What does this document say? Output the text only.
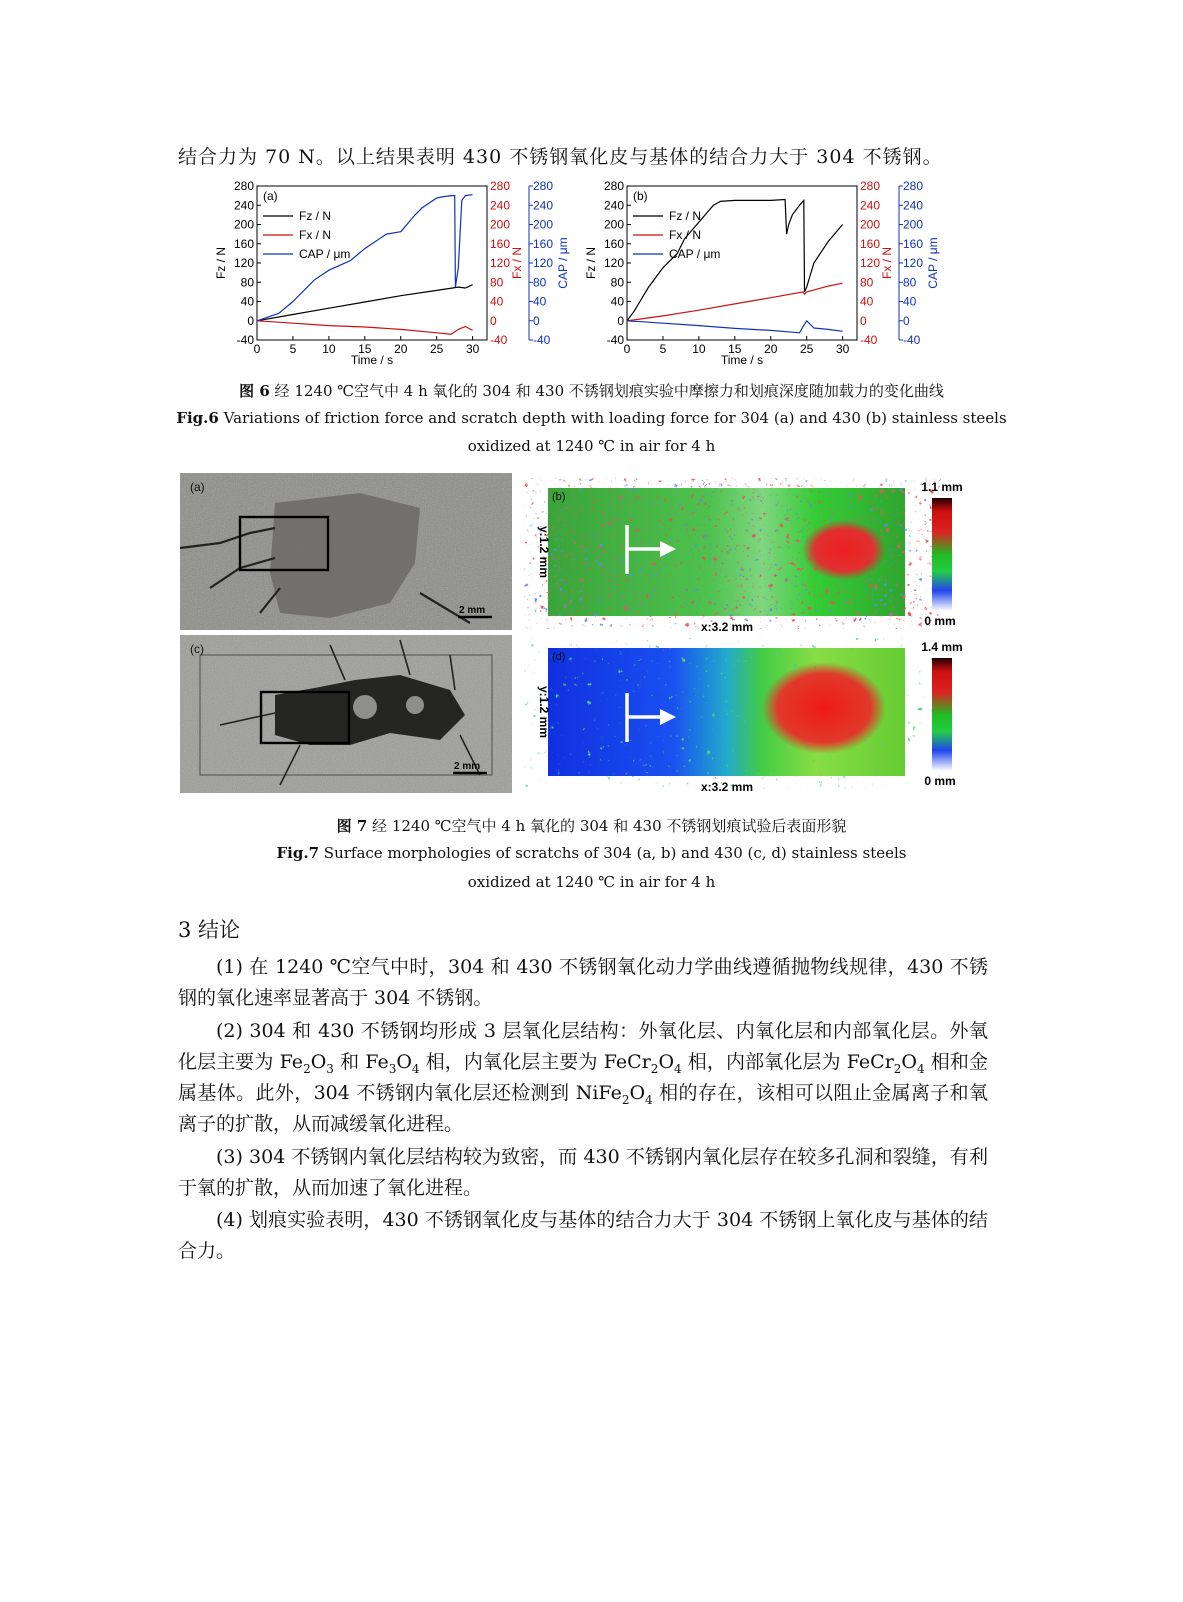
结合力为 70 N。以上结果表明 430 不锈钢氧化皮与基体的结合力大于 304 不锈钢。
-40	-40 -40
0	0	0
40	40 40
80	80 80
120	120 120
160	160 160
200	200 200
240	240 240
280	280 280
0 5 10 15 20 25 30
Time / s
Fz / N	Fx / N	CAP / μm
(a)
Fz / N
Fx / N
CAP / μm
-40	-40 -40
0	0	0
40	40 40
80	80 80
120	120 120
160	160 160
200	200 200
240	240 240
280	280 280
0 5 10 15 20 25 30
Time / s
Fz / N	Fx / N	CAP / μm
(b)
Fz / N
Fx / N
CAP / μm
图 6 经 1240 ℃空气中 4 h 氧化的 304 和 430 不锈钢划痕实验中摩擦力和划痕深度随加载力的变化曲线
Fig.6 Variations of friction force and scratch depth with loading force for 304 (a) and 430 (b) stainless steels
oxidized at 1240 ℃ in air for 4 h
(a)
2 mm
(c)
2 mm
(b)
x:3.2 mm
y:1.2 mm
1.1 mm
0 mm
(d)
x:3.2 mm
y:1.2 mm
1.4 mm
0 mm
图 7 经 1240 ℃空气中 4 h 氧化的 304 和 430 不锈钢划痕试验后表面形貌
Fig.7 Surface morphologies of scratchs of 304 (a, b) and 430 (c, d) stainless steels
oxidized at 1240 ℃ in air for 4 h
3 结论
(1) 在 1240 ℃空气中时，304 和 430 不锈钢氧化动力学曲线遵循抛物线规律，430 不锈钢的氧化速率显著高于 304 不锈钢。
(2) 304 和 430 不锈钢均形成 3 层氧化层结构：外氧化层、内氧化层和内部氧化层。外氧化层主要为 $Fe_2O_3$ 和 $Fe_3O_4$ 相，内氧化层主要为 $FeCr_2O_4$ 相，内部氧化层为 $FeCr_2O_4$ 相和金属基体。此外，304 不锈钢内氧化层还检测到 $NiFe_2O_4$ 相的存在，该相可以阻止金属离子和氧离子的扩散，从而减缓氧化进程。
(3) 304 不锈钢内氧化层结构较为致密，而 430 不锈钢内氧化层存在较多孔洞和裂缝，有利于氧的扩散，从而加速了氧化进程。
(4) 划痕实验表明，430 不锈钢氧化皮与基体的结合力大于 304 不锈钢上氧化皮与基体的结合力。
